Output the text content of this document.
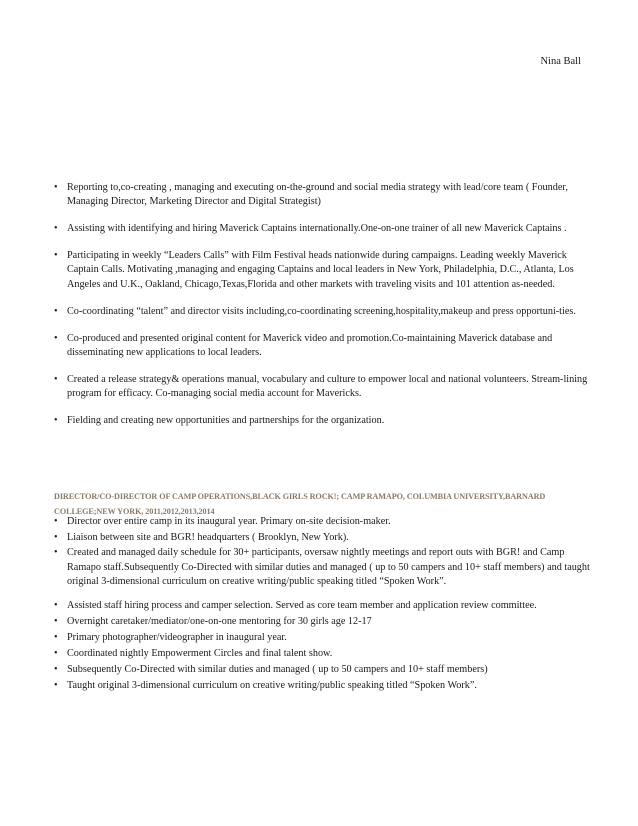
Nina Ball
• Reporting to,co-creating , managing and executing on-the-ground and social media strategy with lead/core team ( Founder, Managing Director, Marketing Director and Digital Strategist)
• Assisting with identifying and hiring Maverick Captains internationally.One-on-one trainer of all new Maverick Captains .
• Participating in weekly “Leaders Calls” with Film Festival heads nationwide during campaigns. Leading weekly Maverick Captain Calls. Motivating ,managing and engaging Captains and local leaders in New York, Philadelphia, D.C., Atlanta, Los Angeles and U.K., Oakland, Chicago,Texas,Florida and other markets with traveling visits and 101 attention as-needed.
• Co-coordinating “talent” and director visits including,co-coordinating screening,hospitality,makeup and press opportuni-ties.
• Co-produced and presented original content for Maverick video and promotion.Co-maintaining Maverick database and disseminating new applications to local leaders.
• Created a release strategy& operations manual, vocabulary and culture to empower local and national volunteers. Stream-lining program for efficacy. Co-managing social media account for Mavericks.
• Fielding and creating new opportunities and partnerships for the organization.
DIRECTOR/CO-DIRECTOR OF CAMP OPERATIONS,BLACK GIRLS ROCK!; CAMP RAMAPO, COLUMBIA UNIVERSITY,BARNARD COLLEGE;NEW YORK, 2011,2012,2013,2014
• Director over entire camp in its inaugural year. Primary on-site decision-maker.
• Liaison between site and BGR! headquarters ( Brooklyn, New York).
• Created and managed daily schedule for 30+ participants, oversaw nightly meetings and report outs with BGR! and Camp Ramapo staff.Subsequently Co-Directed with similar duties and managed ( up to 50 campers and 10+ staff members) and taught original 3-dimensional curriculum on creative writing/public speaking titled “Spoken Work”.
• Assisted staff hiring process and camper selection. Served as core team member and application review committee.
• Overnight caretaker/mediator/one-on-one mentoring for 30 girls age 12-17
• Primary photographer/videographer in inaugural year.
• Coordinated nightly Empowerment Circles and final talent show.
• Subsequently Co-Directed with similar duties and managed ( up to 50 campers and 10+ staff members)
• Taught original 3-dimensional curriculum on creative writing/public speaking titled “Spoken Work”.
